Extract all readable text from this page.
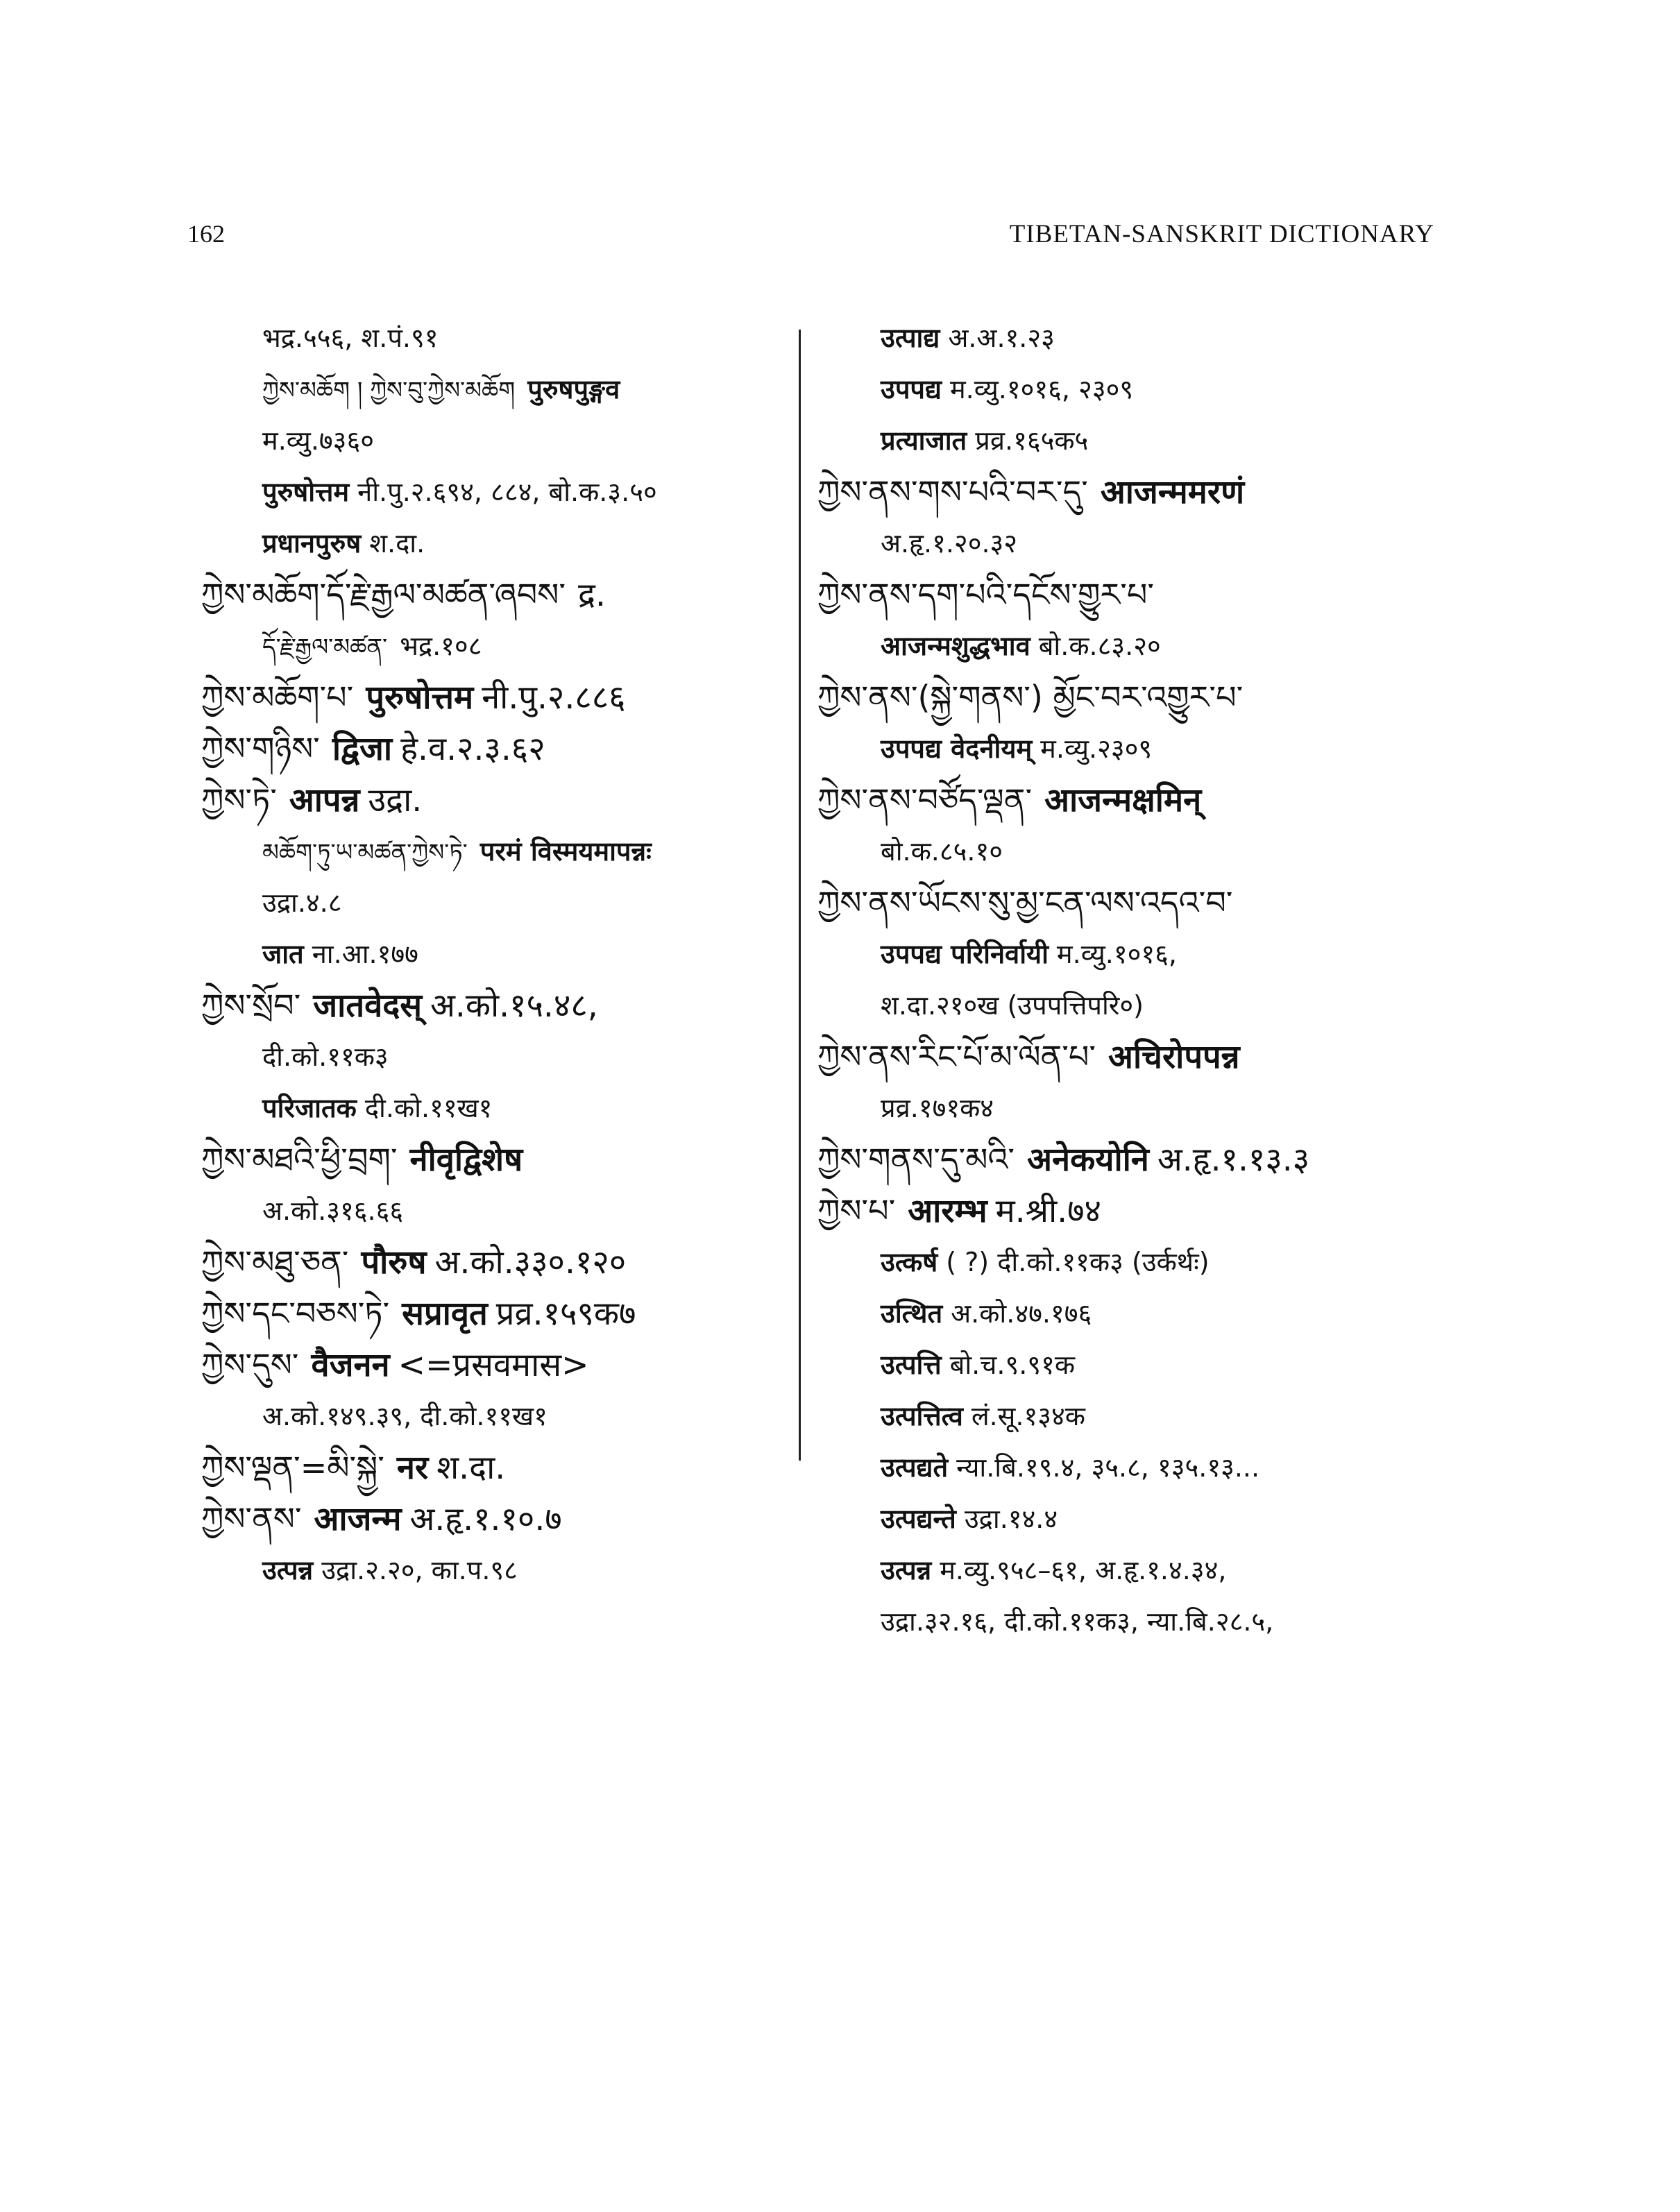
162	TIBETAN-SANSKRIT DICTIONARY
भद्र.५५६, श.पं.९१
ཀྱེས་མཆོག ། ཀྱེས་བུ་ཀྱེས་མཆོག पुरुषपुङ्गव
म.व्यु.७३६०
पुरुषोत्तम नी.पु.२.६९४, ८८४, बो.क.३.५०
प्रधानपुरुष श.दा.
ཀྱེས་མཆོག་དོ་རྗེ་རྒྱལ་མཚན་ཞབས་ द्र.
དོ་རྗེ་རྒྱལ་མཚན་ भद्र.१०८
ཀྱེས་མཆོག་པ་ पुरुषोत्तम नी.पु.२.८८६
ཀྱེས་གཉིས་ द्विजा हे.व.२.३.६२
ཀྱེས་ཏེ་ आपन्न उद्रा.
མཆོག་ཏུ་ཡ་མཚན་ཀྱེས་ཏེ་ परमं विस्मयमापन्नः
उद्रा.४.८
जात ना.आ.१७७
ཀྱེས་སྲོབ་ जातवेदस् अ.को.१५.४८,
दी.को.११क३
परिजातक दी.को.११ख१
ཀྱེས་མཐའི་ཕྱི་བྲག་ नीवृद्विशेष
अ.को.३१६.६६
ཀྱེས་མཐུ་ཅན་ पौरुष अ.को.३३०.१२०
ཀྱེས་དང་བཅས་ཏེ་ सप्रावृत प्रव्र.१५९क७
ཀྱེས་དུས་ वैजनन <=प्रसवमास>
अ.को.१४९.३९, दी.को.११ख१
ཀྱེས་ལྡན་=མི་སྐྱེ་ नर श.दा.
ཀྱེས་ནས་ आजन्म अ.हृ.१.१०.७
उत्पन्न उद्रा.२.२०, का.प.९८
उत्पाद्य अ.अ.१.२३
उपपद्य म.व्यु.१०१६, २३०९
प्रत्याजात प्रव्र.१६५क५
ཀྱེས་ནས་གས་པའི་བར་དུ་ आजन्ममरणं
अ.हृ.१.२०.३२
ཀྱེས་ནས་དག་པའི་དངོས་གྱུར་པ་
आजन्मशुद्धभाव बो.क.८३.२०
ཀྱེས་ནས་(སྐྱེ་གནས་) མྱོང་བར་འགྱུར་པ་
उपपद्य वेदनीयम् म.व्यु.२३०९
ཀྱེས་ནས་བཙོད་ལྡན་ आजन्मक्षमिन्
बो.क.८५.१०
ཀྱེས་ནས་ཡོངས་སུ་མྱ་ངན་ལས་འདའ་བ་
उपपद्य परिनिर्वायी म.व्यु.१०१६,
श.दा.२१०ख (उपपत्तिपरि०)
ཀྱེས་ནས་རིང་པོ་མ་ལོན་པ་ अचिरोपपन्न
प्रव्र.१७१क४
ཀྱེས་གནས་དུ་མའི་ अनेकयोनि अ.हृ.१.१३.३
ཀྱེས་པ་ आरम्भ म.श्री.७४
उत्कर्ष ( ?) दी.को.११क३ (उर्कर्थः)
उत्थित अ.को.४७.१७६
उत्पत्ति बो.च.९.९१क
उत्पत्तित्व लं.सू.१३४क
उत्पद्यते न्या.बि.१९.४, ३५.८, १३५.१३...
उत्पद्यन्ते उद्रा.१४.४
उत्पन्न म.व्यु.९५८–६१, अ.हृ.१.४.३४,
उद्रा.३२.१६, दी.को.११क३, न्या.बि.२८.५,
